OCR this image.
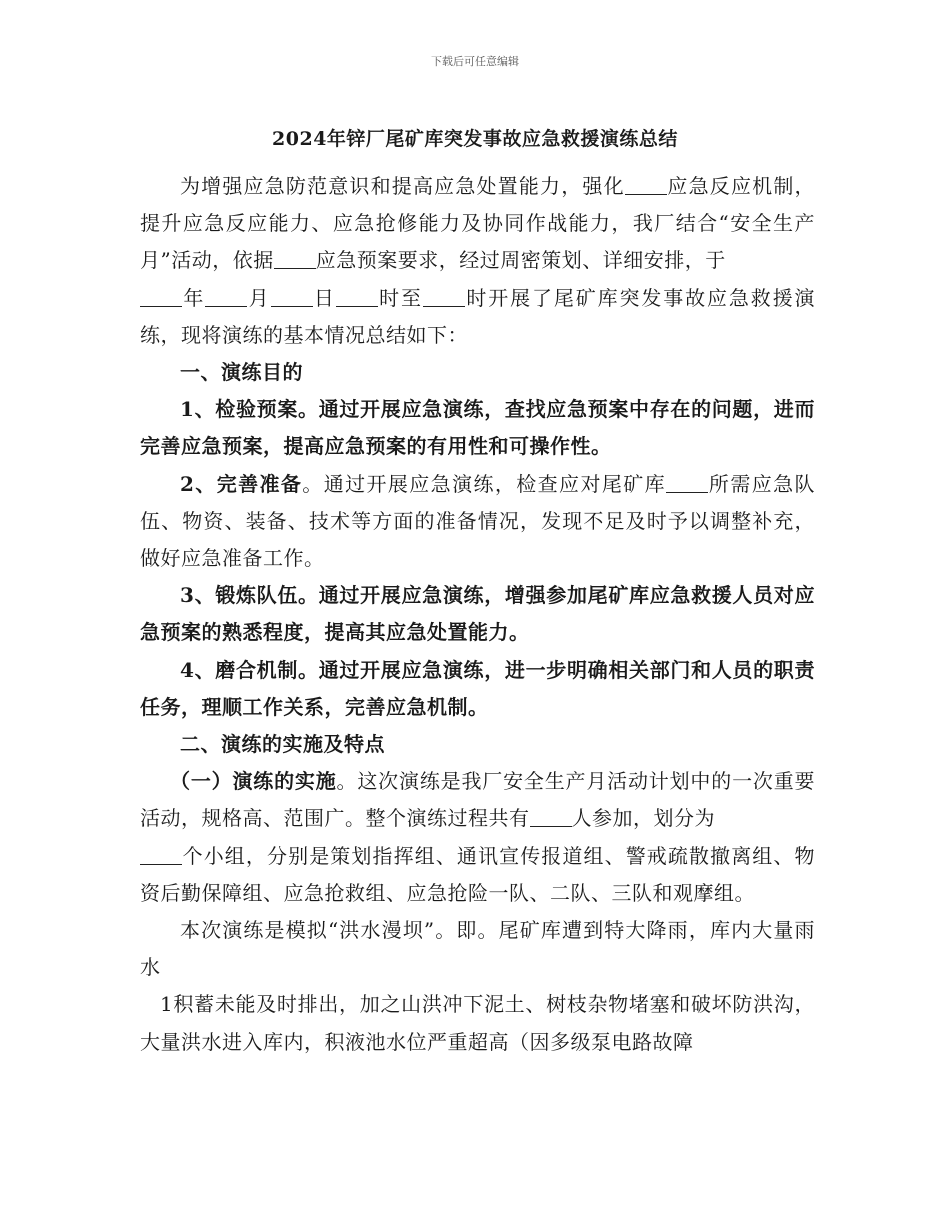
下载后可任意编辑
2024年锌厂尾矿库突发事故应急救援演练总结

为增强应急防范意识和提高应急处置能力，强化 应急反应机制，提升应急反应能力、应急抢修能力及协同作战能力，我厂结合“安全生产月”活动，依据 应急预案要求，经过周密策划、详细安排，于
年 月 日 时至 时开展了尾矿库突发事故应急救援演练，现将演练的基本情况总结如下：

一、演练目的

1、检验预案。通过开展应急演练，查找应急预案中存在的问题，进而完善应急预案，提高应急预案的有用性和可操作性。

2、完善准备。通过开展应急演练，检查应对尾矿库 所需应急队伍、物资、装备、技术等方面的准备情况，发现不足及时予以调整补充，做好应急准备工作。

3、锻炼队伍。通过开展应急演练，增强参加尾矿库应急救援人员对应急预案的熟悉程度，提高其应急处置能力。

4、磨合机制。通过开展应急演练，进一步明确相关部门和人员的职责任务，理顺工作关系，完善应急机制。

二、演练的实施及特点

（一）演练的实施。这次演练是我厂安全生产月活动计划中的一次重要活动，规格高、范围广。整个演练过程共有 人参加，划分为
个小组，分别是策划指挥组、通讯宣传报道组、警戒疏散撤离组、物资后勤保障组、应急抢救组、应急抢险一队、二队、三队和观摩组。

本次演练是模拟“洪水漫坝”。即。尾矿库遭到特大降雨，库内大量雨水

1积蓄未能及时排出，加之山洪冲下泥土、树枝杂物堵塞和破坏防洪沟，大量洪水进入库内，积液池水位严重超高（因多级泵电路故障
